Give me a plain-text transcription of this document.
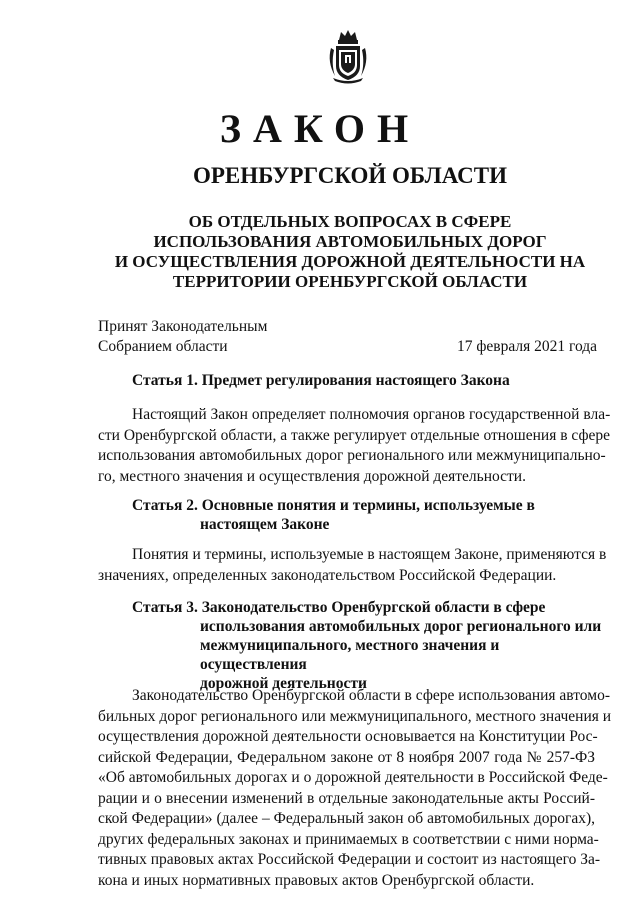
ЗАКОН
ОРЕНБУРГСКОЙ ОБЛАСТИ
ОБ ОТДЕЛЬНЫХ ВОПРОСАХ В СФЕРЕ
ИСПОЛЬЗОВАНИЯ АВТОМОБИЛЬНЫХ ДОРОГ
И ОСУЩЕСТВЛЕНИЯ ДОРОЖНОЙ ДЕЯТЕЛЬНОСТИ НА
ТЕРРИТОРИИ ОРЕНБУРГСКОЙ ОБЛАСТИ
Принят Законодательным
Собранием области	17 февраля 2021 года
Статья 1. Предмет регулирования настоящего Закона
Настоящий Закон определяет полномочия органов государственной вла-
сти Оренбургской области, а также регулирует отдельные отношения в сфере
использования автомобильных дорог регионального или межмуниципально-
го, местного значения и осуществления дорожной деятельности.
Статья 2. Основные понятия и термины, используемые в
настоящем Законе
Понятия и термины, используемые в настоящем Законе, применяются в
значениях, определенных законодательством Российской Федерации.
Статья 3. Законодательство Оренбургской области в сфере
использования автомобильных дорог регионального или
межмуниципального, местного значения и осуществления
дорожной деятельности
Законодательство Оренбургской области в сфере использования автомо-
бильных дорог регионального или межмуниципального, местного значения и
осуществления дорожной деятельности основывается на Конституции Рос-
сийской Федерации, Федеральном законе от 8 ноября 2007 года № 257-ФЗ
«Об автомобильных дорогах и о дорожной деятельности в Российской Феде-
рации и о внесении изменений в отдельные законодательные акты Россий-
ской Федерации» (далее – Федеральный закон об автомобильных дорогах),
других федеральных законах и принимаемых в соответствии с ними норма-
тивных правовых актах Российской Федерации и состоит из настоящего За-
кона и иных нормативных правовых актов Оренбургской области.
